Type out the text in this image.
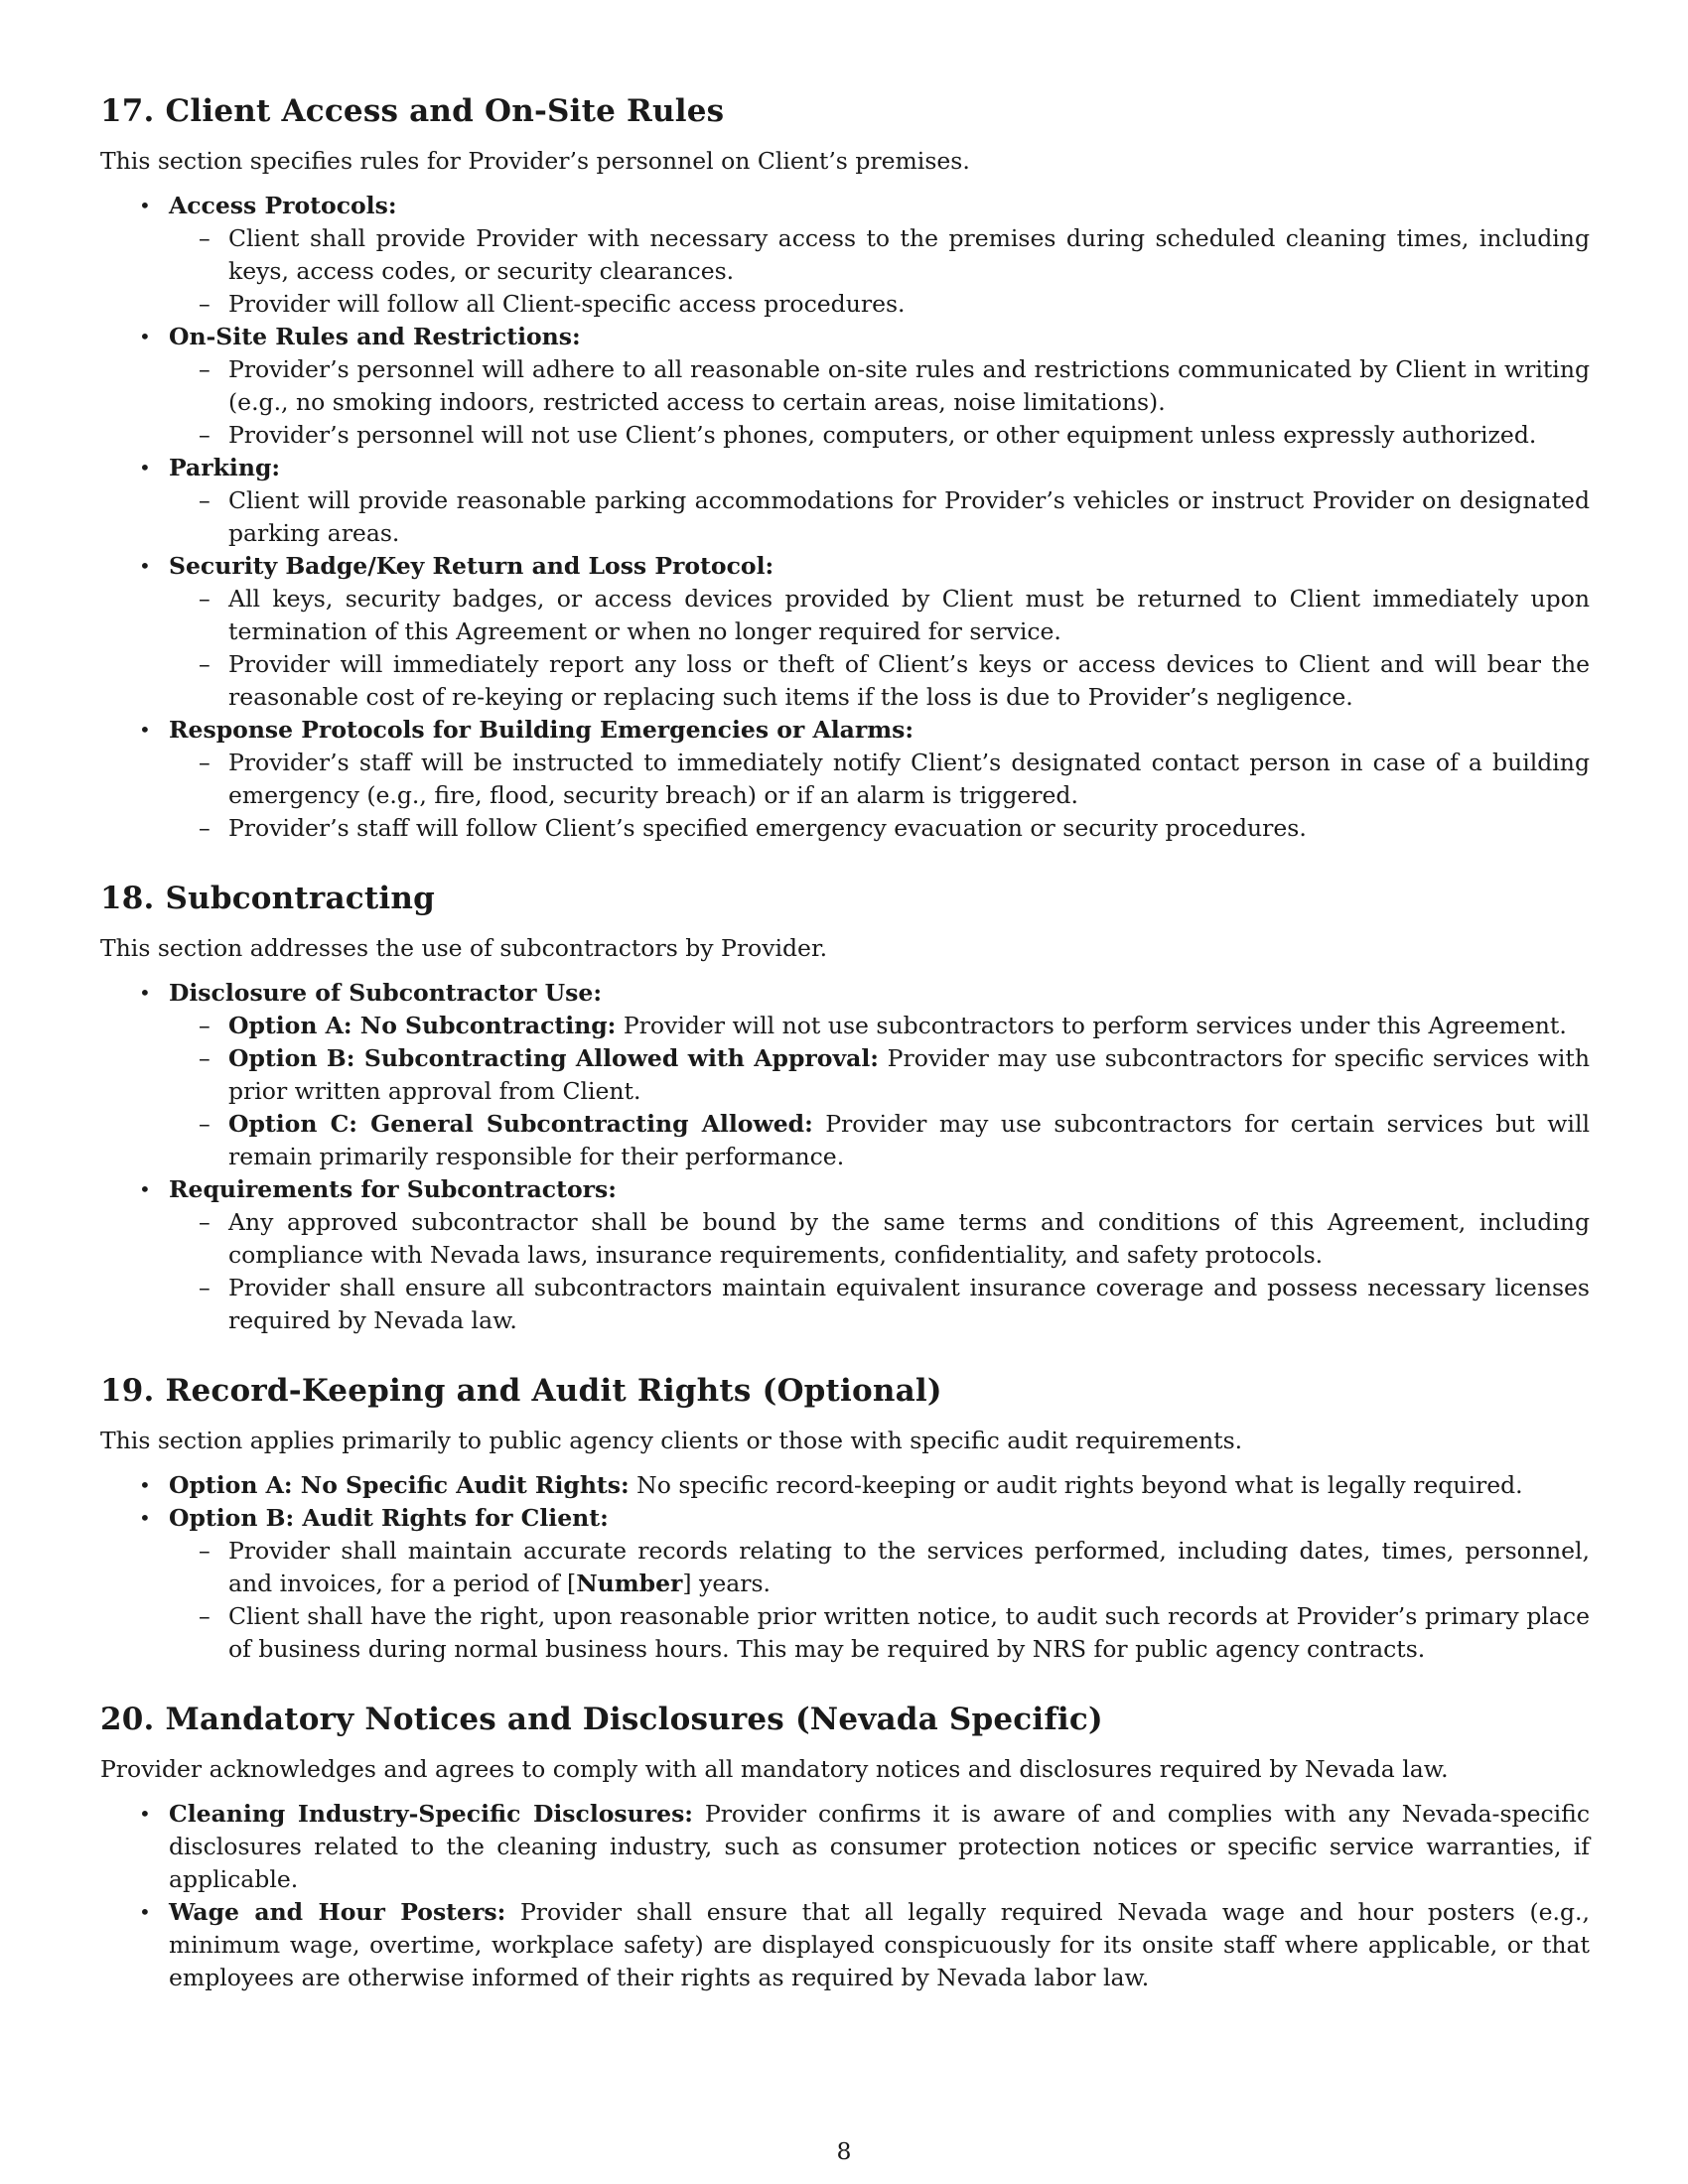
17. Client Access and On-Site Rules

This section specifies rules for Provider’s personnel on Client’s premises.

• Access Protocols:
– Client shall provide Provider with necessary access to the premises during scheduled cleaning times, including keys, access codes, or security clearances.
– Provider will follow all Client-specific access procedures.
• On-Site Rules and Restrictions:
– Provider’s personnel will adhere to all reasonable on-site rules and restrictions communicated by Client in writing (e.g., no smoking indoors, restricted access to certain areas, noise limitations).
– Provider’s personnel will not use Client’s phones, computers, or other equipment unless expressly authorized.
• Parking:
– Client will provide reasonable parking accommodations for Provider’s vehicles or instruct Provider on designated parking areas.
• Security Badge/Key Return and Loss Protocol:
– All keys, security badges, or access devices provided by Client must be returned to Client immediately upon termination of this Agreement or when no longer required for service.
– Provider will immediately report any loss or theft of Client’s keys or access devices to Client and will bear the reasonable cost of re-keying or replacing such items if the loss is due to Provider’s negligence.
• Response Protocols for Building Emergencies or Alarms:
– Provider’s staff will be instructed to immediately notify Client’s designated contact person in case of a building emergency (e.g., fire, flood, security breach) or if an alarm is triggered.
– Provider’s staff will follow Client’s specified emergency evacuation or security procedures.
18. Subcontracting

This section addresses the use of subcontractors by Provider.

• Disclosure of Subcontractor Use:
– Option A: No Subcontracting: Provider will not use subcontractors to perform services under this Agreement.
– Option B: Subcontracting Allowed with Approval: Provider may use subcontractors for specific services with prior written approval from Client.
– Option C: General Subcontracting Allowed: Provider may use subcontractors for certain services but will remain primarily responsible for their performance.
• Requirements for Subcontractors:
– Any approved subcontractor shall be bound by the same terms and conditions of this Agreement, including compliance with Nevada laws, insurance requirements, confidentiality, and safety protocols.
– Provider shall ensure all subcontractors maintain equivalent insurance coverage and possess necessary licenses required by Nevada law.
19. Record-Keeping and Audit Rights (Optional)

This section applies primarily to public agency clients or those with specific audit requirements.

• Option A: No Specific Audit Rights: No specific record-keeping or audit rights beyond what is legally required.
• Option B: Audit Rights for Client:
– Provider shall maintain accurate records relating to the services performed, including dates, times, personnel, and invoices, for a period of [Number] years.
– Client shall have the right, upon reasonable prior written notice, to audit such records at Provider’s primary place of business during normal business hours. This may be required by NRS for public agency contracts.
20. Mandatory Notices and Disclosures (Nevada Specific)

Provider acknowledges and agrees to comply with all mandatory notices and disclosures required by Nevada law.

• Cleaning Industry-Specific Disclosures: Provider confirms it is aware of and complies with any Nevada-specific disclosures related to the cleaning industry, such as consumer protection notices or specific service warranties, if applicable.
• Wage and Hour Posters: Provider shall ensure that all legally required Nevada wage and hour posters (e.g., minimum wage, overtime, workplace safety) are displayed conspicuously for its onsite staff where applicable, or that employees are otherwise informed of their rights as required by Nevada labor law.
8
